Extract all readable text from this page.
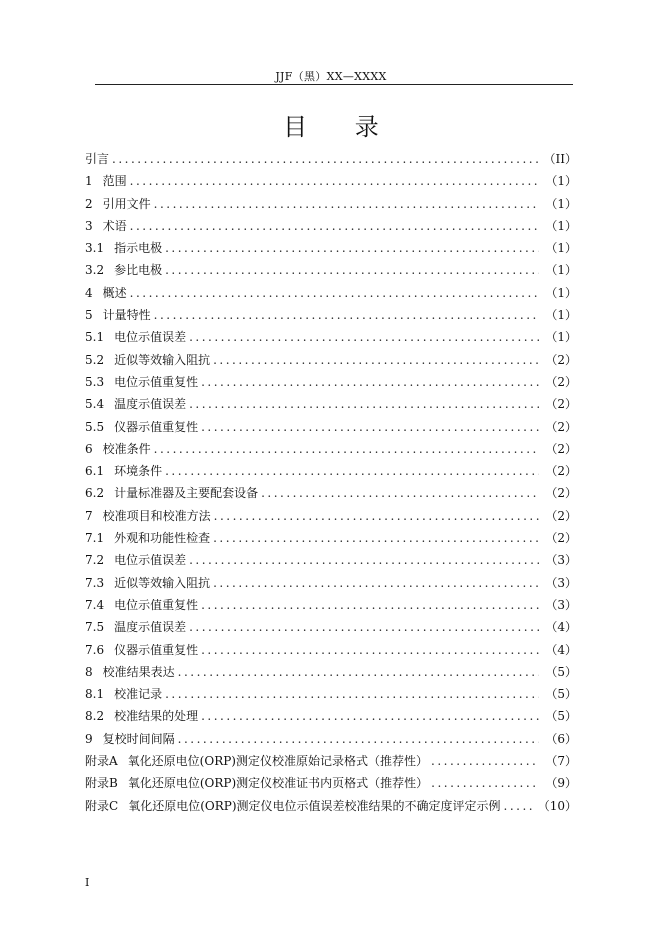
JJF（黑）XX—XXXX
目 录
引言 .....	（II）
1 范围 .....	（1）
2 引用文件 .....	（1）
3 术语 .....	（1）
3.1 指示电极 .....	（1）
3.2 参比电极 .....	（1）
4 概述 .....	（1）
5 计量特性 .....	（1）
5.1 电位示值误差 .....	（1）
5.2 近似等效输入阻抗 .....	（2）
5.3 电位示值重复性 .....	（2）
5.4 温度示值误差 .....	（2）
5.5 仪器示值重复性 .....	（2）
6 校准条件 .....	（2）
6.1 环境条件 .....	（2）
6.2 计量标准器及主要配套设备 .....	（2）
7 校准项目和校准方法 .....	（2）
7.1 外观和功能性检查 .....	（2）
7.2 电位示值误差 .....	（3）
7.3 近似等效输入阻抗 .....	（3）
7.4 电位示值重复性 .....	（3）
7.5 温度示值误差 .....	（4）
7.6 仪器示值重复性 .....	（4）
8 校准结果表达 .....	（5）
8.1 校准记录 .....	（5）
8.2 校准结果的处理 .....	（5）
9 复校时间间隔 .....	（6）
附录A 氧化还原电位(ORP)测定仪校准原始记录格式（推荐性） .....	（7）
附录B 氧化还原电位(ORP)测定仪校准证书内页格式（推荐性） .....	（9）
附录C 氧化还原电位(ORP)测定仪电位示值误差校准结果的不确定度评定示例 .....	（10）
I
